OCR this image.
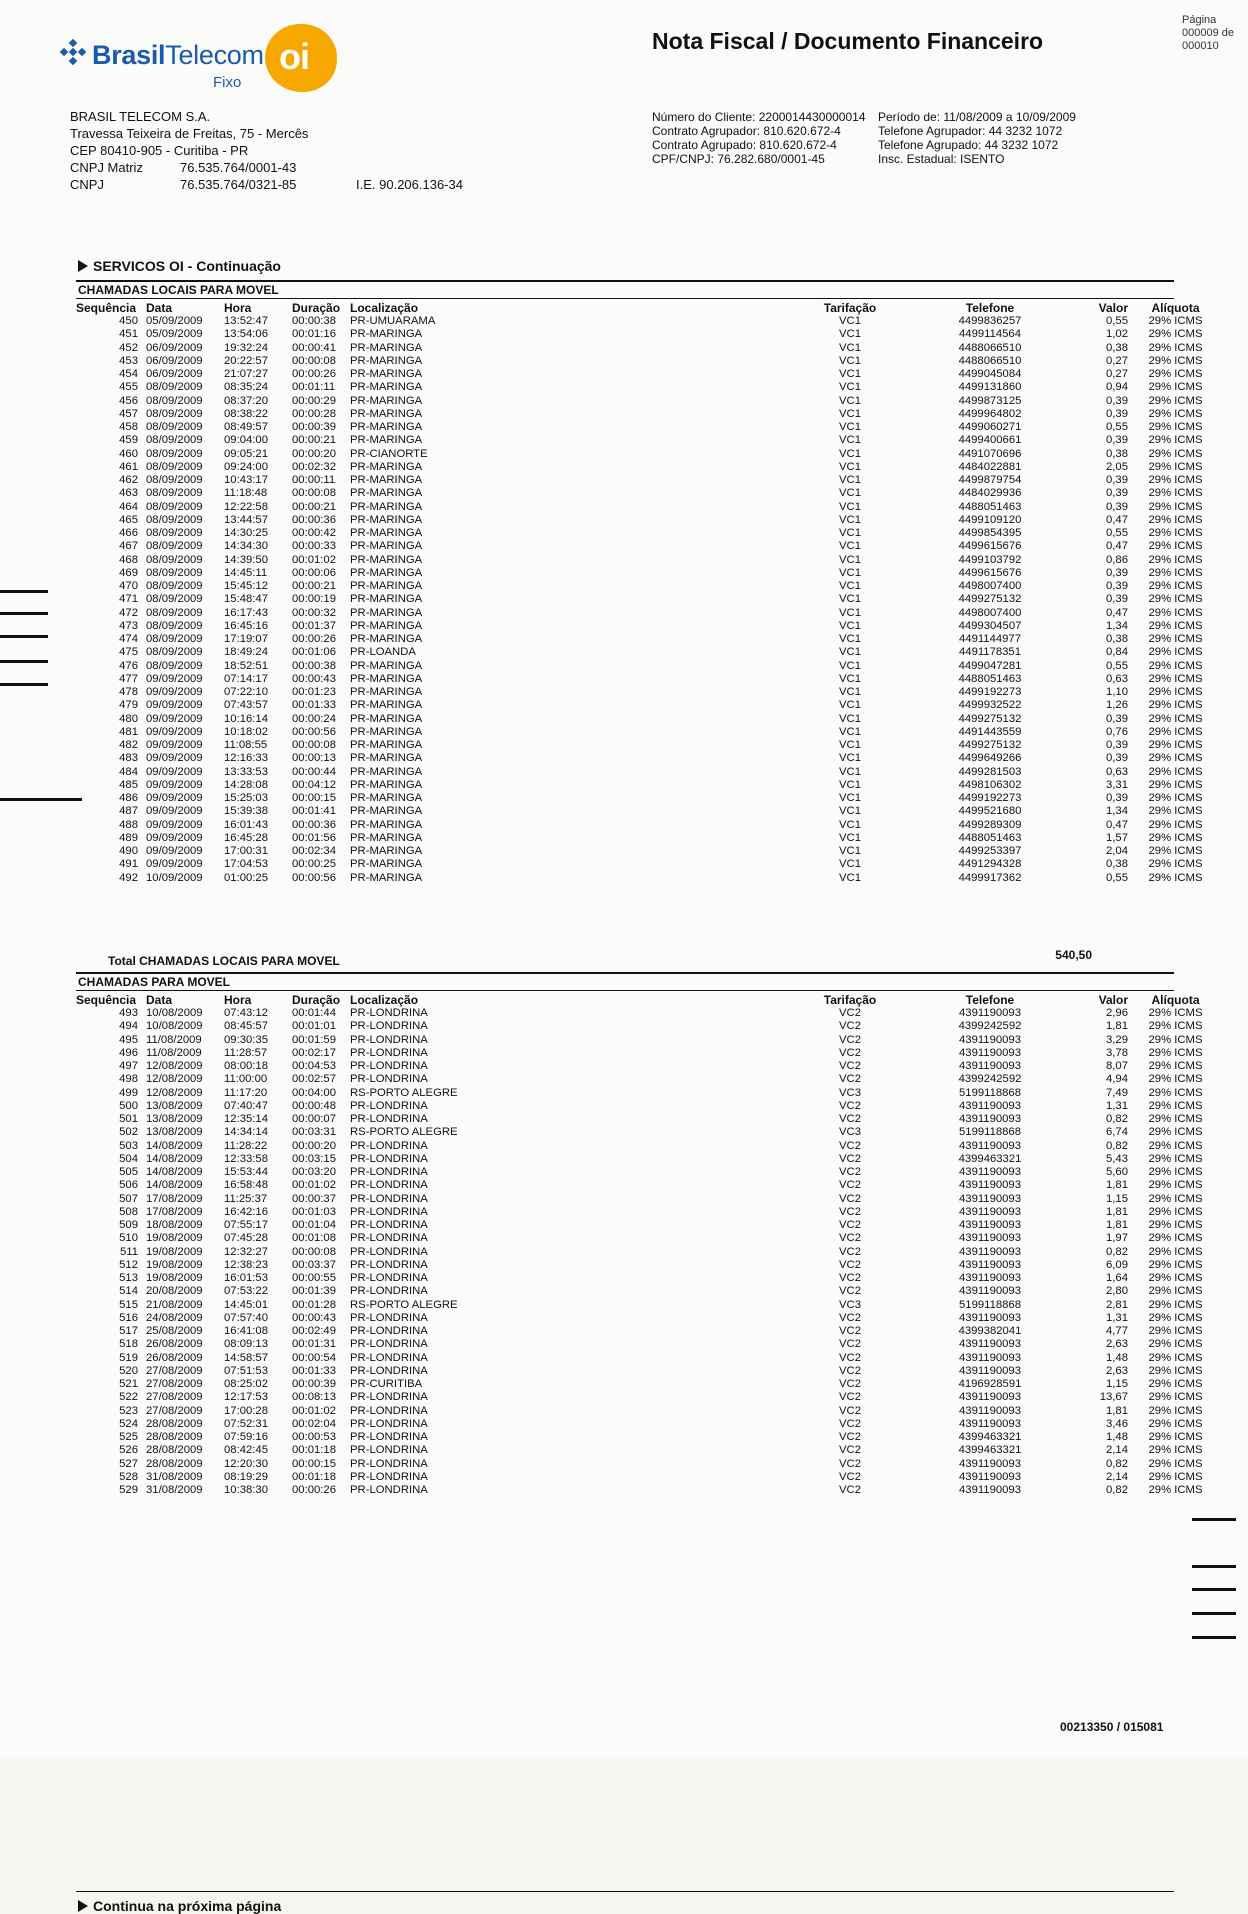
BrasilTelecom
Fixo
oi	Nota Fiscal / Documento Financeiro
Página
000009 de
000010
BRASIL TELECOM S.A.
Travessa Teixeira de Freitas, 75 - Mercês
CEP 80410-905 - Curitiba - PR
CNPJ Matriz	76.535.764/0001-43
CNPJ	76.535.764/0321-85	I.E. 90.206.136-34
Número do Cliente: 2200014430000014
Contrato Agrupador: 810.620.672-4
Contrato Agrupado: 810.620.672-4
CPF/CNPJ: 76.282.680/0001-45
Período de: 11/08/2009 a 10/09/2009
Telefone Agrupador: 44 3232 1072
Telefone Agrupado: 44 3232 1072
Insc. Estadual: ISENTO
SERVICOS OI - Continuação
CHAMADAS LOCAIS PARA MOVEL
Sequência	Data	Hora	Duração	Localização	Tarifação	Telefone	Valor	Alíquota
450	05/09/2009	13:52:47	00:00:38	PR-UMUARAMA	VC1	4499836257	0,55	29% ICMS
451	05/09/2009	13:54:06	00:01:16	PR-MARINGA	VC1	4499114564	1,02	29% ICMS
452	06/09/2009	19:32:24	00:00:41	PR-MARINGA	VC1	4488066510	0,38	29% ICMS
453	06/09/2009	20:22:57	00:00:08	PR-MARINGA	VC1	4488066510	0,27	29% ICMS
454	06/09/2009	21:07:27	00:00:26	PR-MARINGA	VC1	4499045084	0,27	29% ICMS
455	08/09/2009	08:35:24	00:01:11	PR-MARINGA	VC1	4499131860	0,94	29% ICMS
456	08/09/2009	08:37:20	00:00:29	PR-MARINGA	VC1	4499873125	0,39	29% ICMS
457	08/09/2009	08:38:22	00:00:28	PR-MARINGA	VC1	4499964802	0,39	29% ICMS
458	08/09/2009	08:49:57	00:00:39	PR-MARINGA	VC1	4499060271	0,55	29% ICMS
459	08/09/2009	09:04:00	00:00:21	PR-MARINGA	VC1	4499400661	0,39	29% ICMS
460	08/09/2009	09:05:21	00:00:20	PR-CIANORTE	VC1	4491070696	0,38	29% ICMS
461	08/09/2009	09:24:00	00:02:32	PR-MARINGA	VC1	4484022881	2,05	29% ICMS
462	08/09/2009	10:43:17	00:00:11	PR-MARINGA	VC1	4499879754	0,39	29% ICMS
463	08/09/2009	11:18:48	00:00:08	PR-MARINGA	VC1	4484029936	0,39	29% ICMS
464	08/09/2009	12:22:58	00:00:21	PR-MARINGA	VC1	4488051463	0,39	29% ICMS
465	08/09/2009	13:44:57	00:00:36	PR-MARINGA	VC1	4499109120	0,47	29% ICMS
466	08/09/2009	14:30:25	00:00:42	PR-MARINGA	VC1	4499854395	0,55	29% ICMS
467	08/09/2009	14:34:30	00:00:33	PR-MARINGA	VC1	4499615676	0,47	29% ICMS
468	08/09/2009	14:39:50	00:01:02	PR-MARINGA	VC1	4499103792	0,86	29% ICMS
469	08/09/2009	14:45:11	00:00:06	PR-MARINGA	VC1	4499615676	0,39	29% ICMS
470	08/09/2009	15:45:12	00:00:21	PR-MARINGA	VC1	4498007400	0,39	29% ICMS
471	08/09/2009	15:48:47	00:00:19	PR-MARINGA	VC1	4499275132	0,39	29% ICMS
472	08/09/2009	16:17:43	00:00:32	PR-MARINGA	VC1	4498007400	0,47	29% ICMS
473	08/09/2009	16:45:16	00:01:37	PR-MARINGA	VC1	4499304507	1,34	29% ICMS
474	08/09/2009	17:19:07	00:00:26	PR-MARINGA	VC1	4491144977	0,38	29% ICMS
475	08/09/2009	18:49:24	00:01:06	PR-LOANDA	VC1	4491178351	0,84	29% ICMS
476	08/09/2009	18:52:51	00:00:38	PR-MARINGA	VC1	4499047281	0,55	29% ICMS
477	09/09/2009	07:14:17	00:00:43	PR-MARINGA	VC1	4488051463	0,63	29% ICMS
478	09/09/2009	07:22:10	00:01:23	PR-MARINGA	VC1	4499192273	1,10	29% ICMS
479	09/09/2009	07:43:57	00:01:33	PR-MARINGA	VC1	4499932522	1,26	29% ICMS
480	09/09/2009	10:16:14	00:00:24	PR-MARINGA	VC1	4499275132	0,39	29% ICMS
481	09/09/2009	10:18:02	00:00:56	PR-MARINGA	VC1	4491443559	0,76	29% ICMS
482	09/09/2009	11:08:55	00:00:08	PR-MARINGA	VC1	4499275132	0,39	29% ICMS
483	09/09/2009	12:16:33	00:00:13	PR-MARINGA	VC1	4499649266	0,39	29% ICMS
484	09/09/2009	13:33:53	00:00:44	PR-MARINGA	VC1	4499281503	0,63	29% ICMS
485	09/09/2009	14:28:08	00:04:12	PR-MARINGA	VC1	4498106302	3,31	29% ICMS
486	09/09/2009	15:25:03	00:00:15	PR-MARINGA	VC1	4499192273	0,39	29% ICMS
487	09/09/2009	15:39:38	00:01:41	PR-MARINGA	VC1	4499521680	1,34	29% ICMS
488	09/09/2009	16:01:43	00:00:36	PR-MARINGA	VC1	4499289309	0,47	29% ICMS
489	09/09/2009	16:45:28	00:01:56	PR-MARINGA	VC1	4488051463	1,57	29% ICMS
490	09/09/2009	17:00:31	00:02:34	PR-MARINGA	VC1	4499253397	2,04	29% ICMS
491	09/09/2009	17:04:53	00:00:25	PR-MARINGA	VC1	4491294328	0,38	29% ICMS
492	10/09/2009	01:00:25	00:00:56	PR-MARINGA	VC1	4499917362	0,55	29% ICMS
Total CHAMADAS LOCAIS PARA MOVEL	540,50
CHAMADAS PARA MOVEL
Sequência	Data	Hora	Duração	Localização	Tarifação	Telefone	Valor	Alíquota
493	10/08/2009	07:43:12	00:01:44	PR-LONDRINA	VC2	4391190093	2,96	29% ICMS
494	10/08/2009	08:45:57	00:01:01	PR-LONDRINA	VC2	4399242592	1,81	29% ICMS
495	11/08/2009	09:30:35	00:01:59	PR-LONDRINA	VC2	4391190093	3,29	29% ICMS
496	11/08/2009	11:28:57	00:02:17	PR-LONDRINA	VC2	4391190093	3,78	29% ICMS
497	12/08/2009	08:00:18	00:04:53	PR-LONDRINA	VC2	4391190093	8,07	29% ICMS
498	12/08/2009	11:00:00	00:02:57	PR-LONDRINA	VC2	4399242592	4,94	29% ICMS
499	12/08/2009	11:17:20	00:04:00	RS-PORTO ALEGRE	VC3	5199118868	7,49	29% ICMS
500	13/08/2009	07:40:47	00:00:48	PR-LONDRINA	VC2	4391190093	1,31	29% ICMS
501	13/08/2009	12:35:14	00:00:07	PR-LONDRINA	VC2	4391190093	0,82	29% ICMS
502	13/08/2009	14:34:14	00:03:31	RS-PORTO ALEGRE	VC3	5199118868	6,74	29% ICMS
503	14/08/2009	11:28:22	00:00:20	PR-LONDRINA	VC2	4391190093	0,82	29% ICMS
504	14/08/2009	12:33:58	00:03:15	PR-LONDRINA	VC2	4399463321	5,43	29% ICMS
505	14/08/2009	15:53:44	00:03:20	PR-LONDRINA	VC2	4391190093	5,60	29% ICMS
506	14/08/2009	16:58:48	00:01:02	PR-LONDRINA	VC2	4391190093	1,81	29% ICMS
507	17/08/2009	11:25:37	00:00:37	PR-LONDRINA	VC2	4391190093	1,15	29% ICMS
508	17/08/2009	16:42:16	00:01:03	PR-LONDRINA	VC2	4391190093	1,81	29% ICMS
509	18/08/2009	07:55:17	00:01:04	PR-LONDRINA	VC2	4391190093	1,81	29% ICMS
510	19/08/2009	07:45:28	00:01:08	PR-LONDRINA	VC2	4391190093	1,97	29% ICMS
511	19/08/2009	12:32:27	00:00:08	PR-LONDRINA	VC2	4391190093	0,82	29% ICMS
512	19/08/2009	12:38:23	00:03:37	PR-LONDRINA	VC2	4391190093	6,09	29% ICMS
513	19/08/2009	16:01:53	00:00:55	PR-LONDRINA	VC2	4391190093	1,64	29% ICMS
514	20/08/2009	07:53:22	00:01:39	PR-LONDRINA	VC2	4391190093	2,80	29% ICMS
515	21/08/2009	14:45:01	00:01:28	RS-PORTO ALEGRE	VC3	5199118868	2,81	29% ICMS
516	24/08/2009	07:57:40	00:00:43	PR-LONDRINA	VC2	4391190093	1,31	29% ICMS
517	25/08/2009	16:41:08	00:02:49	PR-LONDRINA	VC2	4399382041	4,77	29% ICMS
518	26/08/2009	08:09:13	00:01:31	PR-LONDRINA	VC2	4391190093	2,63	29% ICMS
519	26/08/2009	14:58:57	00:00:54	PR-LONDRINA	VC2	4391190093	1,48	29% ICMS
520	27/08/2009	07:51:53	00:01:33	PR-LONDRINA	VC2	4391190093	2,63	29% ICMS
521	27/08/2009	08:25:02	00:00:39	PR-CURITIBA	VC2	4196928591	1,15	29% ICMS
522	27/08/2009	12:17:53	00:08:13	PR-LONDRINA	VC2	4391190093	13,67	29% ICMS
523	27/08/2009	17:00:28	00:01:02	PR-LONDRINA	VC2	4391190093	1,81	29% ICMS
524	28/08/2009	07:52:31	00:02:04	PR-LONDRINA	VC2	4391190093	3,46	29% ICMS
525	28/08/2009	07:59:16	00:00:53	PR-LONDRINA	VC2	4399463321	1,48	29% ICMS
526	28/08/2009	08:42:45	00:01:18	PR-LONDRINA	VC2	4399463321	2,14	29% ICMS
527	28/08/2009	12:20:30	00:00:15	PR-LONDRINA	VC2	4391190093	0,82	29% ICMS
528	31/08/2009	08:19:29	00:01:18	PR-LONDRINA	VC2	4391190093	2,14	29% ICMS
529	31/08/2009	10:38:30	00:00:26	PR-LONDRINA	VC2	4391190093	0,82	29% ICMS
Continua na próxima página
00213350 / 015081
